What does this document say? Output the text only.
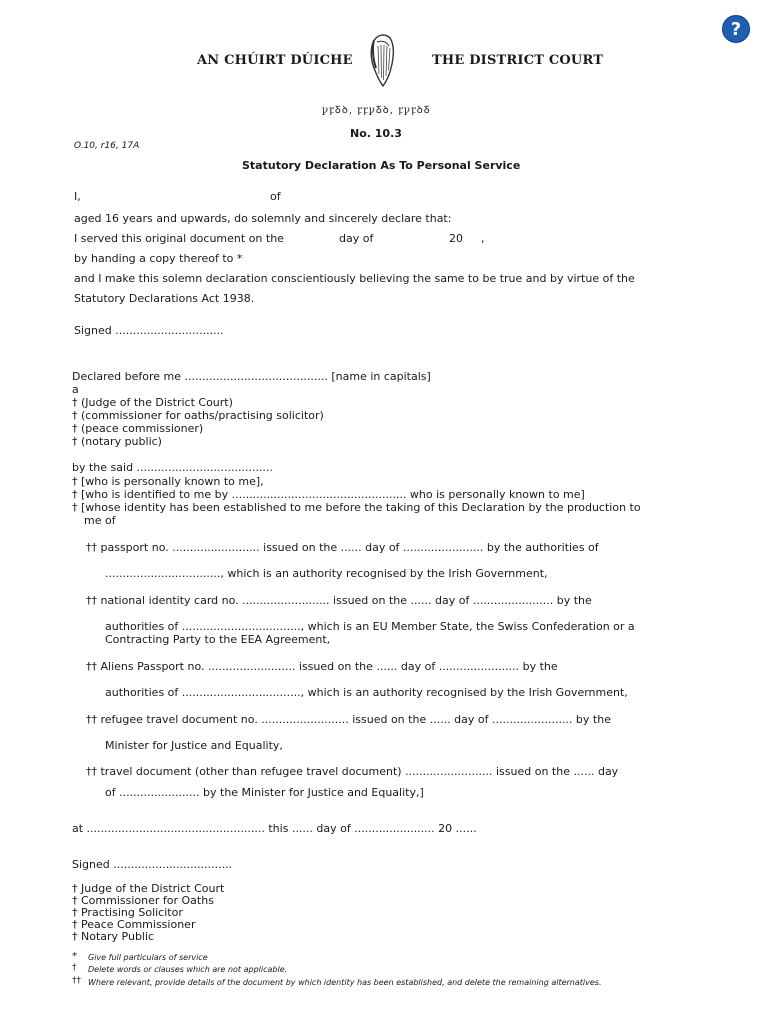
?
AN CHÚIRT DÚICHE	THE DISTRICT COURT
ꝩꝼꝽꝺ, ꝼꝼꝩꝽꝺ, ꝼꝩꝼꝺꝽ
No. 10.3
O.10, r16, 17A
Statutory Declaration As To Personal Service
I,	of
aged 16 years and upwards, do solemnly and sincerely declare that:
I served this original document on the	day of	20 ,
by handing a copy thereof to *
and I make this solemn declaration conscientiously believing the same to be true and by virtue of the
Statutory Declarations Act 1938.
Signed ...............................
Declared before me ......................................... [name in capitals]
a
† (Judge of the District Court)
† (commissioner for oaths/practising solicitor)
† (peace commissioner)
† (notary public)
by the said .......................................
† [who is personally known to me],
† [who is identified to me by .................................................. who is personally known to me]
† [whose identity has been established to me before the taking of this Declaration by the production to
me of
†† passport no. ......................... issued on the ...... day of ....................... by the authorities of
................................., which is an authority recognised by the Irish Government,
†† national identity card no. ......................... issued on the ...... day of ....................... by the
authorities of .................................., which is an EU Member State, the Swiss Confederation or a
Contracting Party to the EEA Agreement,
†† Aliens Passport no. ......................... issued on the ...... day of ....................... by the
authorities of .................................., which is an authority recognised by the Irish Government,
†† refugee travel document no. ......................... issued on the ...... day of ....................... by the
Minister for Justice and Equality,
†† travel document (other than refugee travel document) ......................... issued on the ...... day
of ....................... by the Minister for Justice and Equality,]
at ................................................... this ...... day of ....................... 20 ......
Signed ..................................
† Judge of the District Court
† Commissioner for Oaths
† Practising Solicitor
† Peace Commissioner
† Notary Public
* Give full particulars of service
† Delete words or clauses which are not applicable.
†† Where relevant, provide details of the document by which identity has been established, and delete the remaining alternatives.
